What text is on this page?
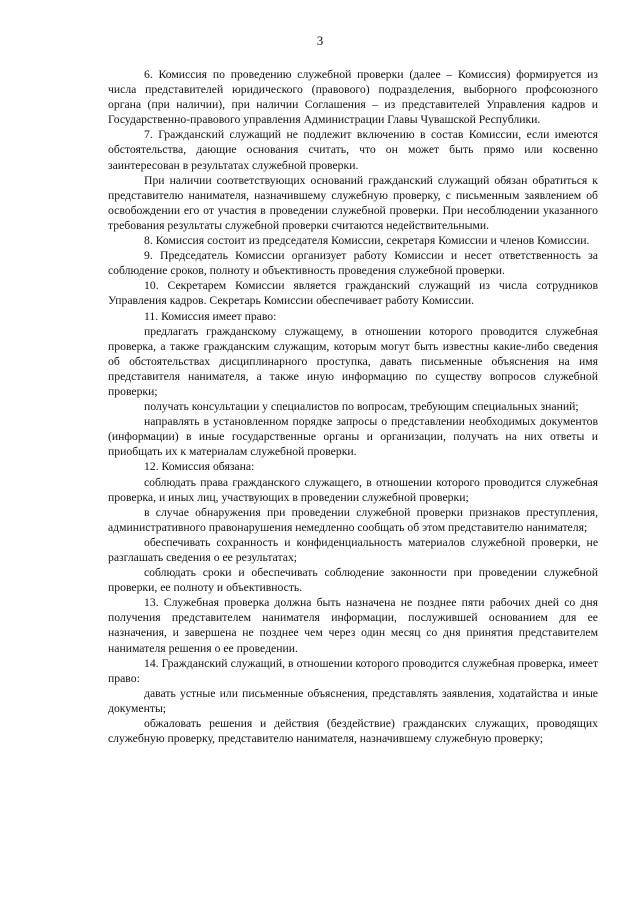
3

6. Комиссия по проведению служебной проверки (далее – Комиссия) формируется из числа представителей юридического (правового) подразделения, выборного профсоюзного органа (при наличии), при наличии Соглашения – из представителей Управления кадров и Государственно-правового управления Администрации Главы Чувашской Республики.

7. Гражданский служащий не подлежит включению в состав Комиссии, если имеются обстоятельства, дающие основания считать, что он может быть прямо или косвенно заинтересован в результатах служебной проверки.

При наличии соответствующих оснований гражданский служащий обязан обратиться к представителю нанимателя, назначившему служебную проверку, с письменным заявлением об освобождении его от участия в проведении служебной проверки. При несоблюдении указанного требования результаты служебной проверки считаются недействительными.

8. Комиссия состоит из председателя Комиссии, секретаря Комиссии и членов Комиссии.

9. Председатель Комиссии организует работу Комиссии и несет ответственность за соблюдение сроков, полноту и объективность проведения служебной проверки.

10. Секретарем Комиссии является гражданский служащий из числа сотрудников Управления кадров. Секретарь Комиссии обеспечивает работу Комиссии.

11. Комиссия имеет право:

предлагать гражданскому служащему, в отношении которого проводится служебная проверка, а также гражданским служащим, которым могут быть известны какие-либо сведения об обстоятельствах дисциплинарного проступка, давать письменные объяснения на имя представителя нанимателя, а также иную информацию по существу вопросов служебной проверки;

получать консультации у специалистов по вопросам, требующим специальных знаний;

направлять в установленном порядке запросы о представлении необходимых документов (информации) в иные государственные органы и организации, получать на них ответы и приобщать их к материалам служебной проверки.

12. Комиссия обязана:

соблюдать права гражданского служащего, в отношении которого проводится служебная проверка, и иных лиц, участвующих в проведении служебной проверки;

в случае обнаружения при проведении служебной проверки признаков преступления, административного правонарушения немедленно сообщать об этом представителю нанимателя;

обеспечивать сохранность и конфиденциальность материалов служебной проверки, не разглашать сведения о ее результатах;

соблюдать сроки и обеспечивать соблюдение законности при проведении служебной проверки, ее полноту и объективность.

13. Служебная проверка должна быть назначена не позднее пяти рабочих дней со дня получения представителем нанимателя информации, послужившей основанием для ее назначения, и завершена не позднее чем через один месяц со дня принятия представителем нанимателя решения о ее проведении.

14. Гражданский служащий, в отношении которого проводится служебная проверка, имеет право:

давать устные или письменные объяснения, представлять заявления, ходатайства и иные документы;

обжаловать решения и действия (бездействие) гражданских служащих, проводящих служебную проверку, представителю нанимателя, назначившему служебную проверку;
